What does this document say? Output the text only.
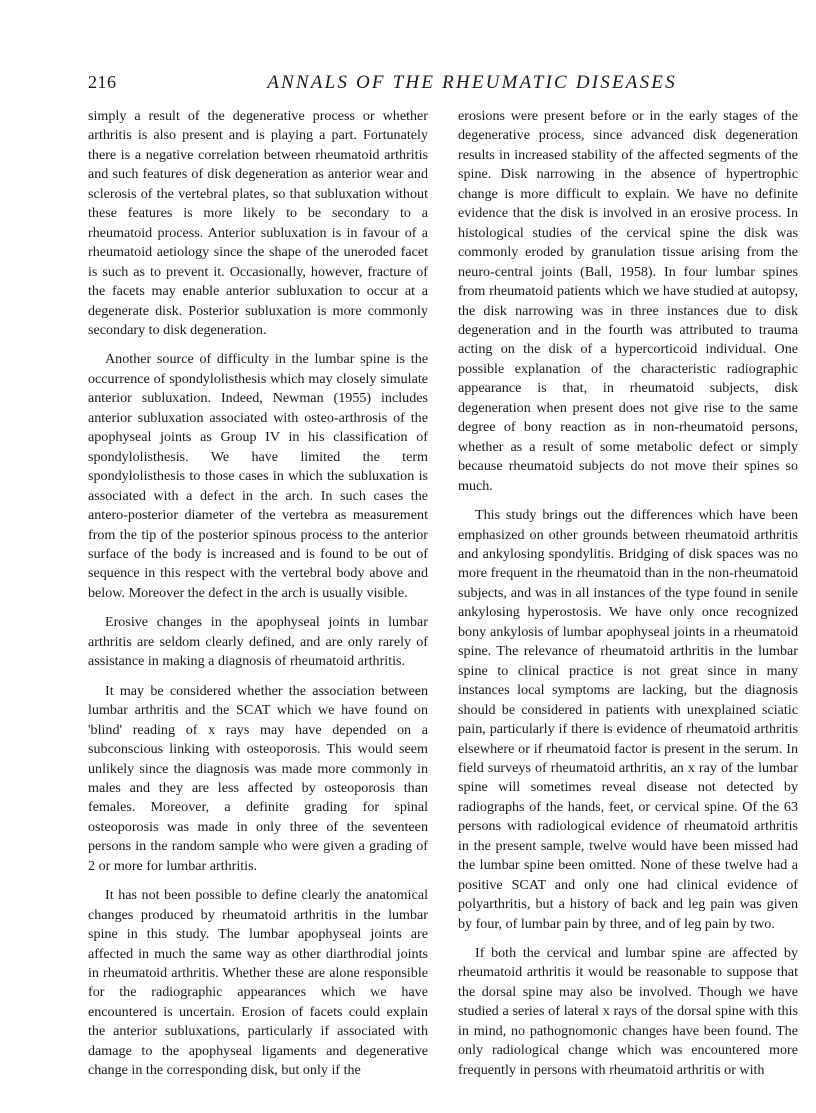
216	ANNALS OF THE RHEUMATIC DISEASES

simply a result of the degenerative process or whether arthritis is also present and is playing a part. Fortunately there is a negative correlation between rheumatoid arthritis and such features of disk degeneration as anterior wear and sclerosis of the vertebral plates, so that subluxation without these features is more likely to be secondary to a rheumatoid process. Anterior subluxation is in favour of a rheumatoid aetiology since the shape of the uneroded facet is such as to prevent it. Occasionally, however, fracture of the facets may enable anterior subluxation to occur at a degenerate disk. Posterior subluxation is more commonly secondary to disk degeneration.

Another source of difficulty in the lumbar spine is the occurrence of spondylolisthesis which may closely simulate anterior subluxation. Indeed, Newman (1955) includes anterior subluxation associated with osteo-arthrosis of the apophyseal joints as Group IV in his classification of spondylolisthesis. We have limited the term spondylolisthesis to those cases in which the subluxation is associated with a defect in the arch. In such cases the antero-posterior diameter of the vertebra as measurement from the tip of the posterior spinous process to the anterior surface of the body is increased and is found to be out of sequence in this respect with the vertebral body above and below. Moreover the defect in the arch is usually visible.

Erosive changes in the apophyseal joints in lumbar arthritis are seldom clearly defined, and are only rarely of assistance in making a diagnosis of rheumatoid arthritis.

It may be considered whether the association between lumbar arthritis and the SCAT which we have found on 'blind' reading of x rays may have depended on a subconscious linking with osteoporosis. This would seem unlikely since the diagnosis was made more commonly in males and they are less affected by osteoporosis than females. Moreover, a definite grading for spinal osteoporosis was made in only three of the seventeen persons in the random sample who were given a grading of 2 or more for lumbar arthritis.

It has not been possible to define clearly the anatomical changes produced by rheumatoid arthritis in the lumbar spine in this study. The lumbar apophyseal joints are affected in much the same way as other diarthrodial joints in rheumatoid arthritis. Whether these are alone responsible for the radiographic appearances which we have encountered is uncertain. Erosion of facets could explain the anterior subluxations, particularly if associated with damage to the apophyseal ligaments and degenerative change in the corresponding disk, but only if the

erosions were present before or in the early stages of the degenerative process, since advanced disk degeneration results in increased stability of the affected segments of the spine. Disk narrowing in the absence of hypertrophic change is more difficult to explain. We have no definite evidence that the disk is involved in an erosive process. In histological studies of the cervical spine the disk was commonly eroded by granulation tissue arising from the neuro-central joints (Ball, 1958). In four lumbar spines from rheumatoid patients which we have studied at autopsy, the disk narrowing was in three instances due to disk degeneration and in the fourth was attributed to trauma acting on the disk of a hypercorticoid individual. One possible explanation of the characteristic radiographic appearance is that, in rheumatoid subjects, disk degeneration when present does not give rise to the same degree of bony reaction as in non-rheumatoid persons, whether as a result of some metabolic defect or simply because rheumatoid subjects do not move their spines so much.

This study brings out the differences which have been emphasized on other grounds between rheumatoid arthritis and ankylosing spondylitis. Bridging of disk spaces was no more frequent in the rheumatoid than in the non-rheumatoid subjects, and was in all instances of the type found in senile ankylosing hyperostosis. We have only once recognized bony ankylosis of lumbar apophyseal joints in a rheumatoid spine. The relevance of rheumatoid arthritis in the lumbar spine to clinical practice is not great since in many instances local symptoms are lacking, but the diagnosis should be considered in patients with unexplained sciatic pain, particularly if there is evidence of rheumatoid arthritis elsewhere or if rheumatoid factor is present in the serum. In field surveys of rheumatoid arthritis, an x ray of the lumbar spine will sometimes reveal disease not detected by radiographs of the hands, feet, or cervical spine. Of the 63 persons with radiological evidence of rheumatoid arthritis in the present sample, twelve would have been missed had the lumbar spine been omitted. None of these twelve had a positive SCAT and only one had clinical evidence of polyarthritis, but a history of back and leg pain was given by four, of lumbar pain by three, and of leg pain by two.

If both the cervical and lumbar spine are affected by rheumatoid arthritis it would be reasonable to suppose that the dorsal spine may also be involved. Though we have studied a series of lateral x rays of the dorsal spine with this in mind, no pathognomonic changes have been found. The only radiological change which was encountered more frequently in persons with rheumatoid arthritis or with
